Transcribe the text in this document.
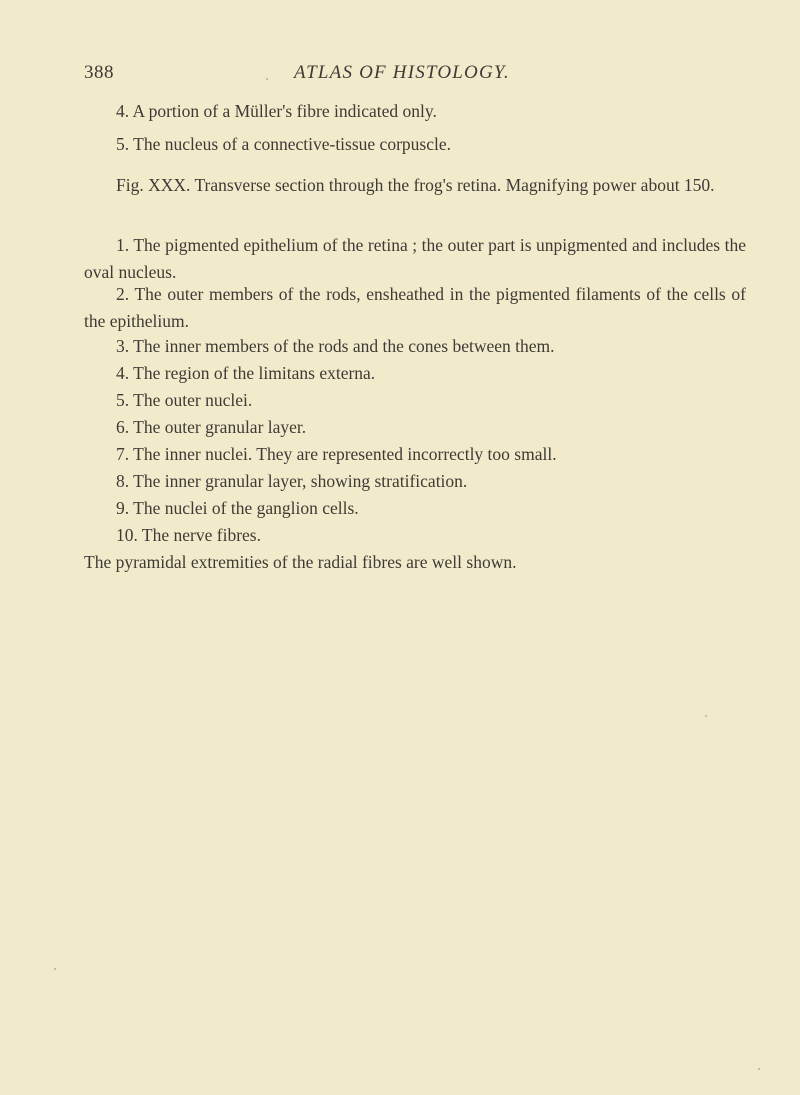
388	ATLAS OF HISTOLOGY.
4. A portion of a Müller's fibre indicated only.
5. The nucleus of a connective-tissue corpuscle.
Fig. XXX. Transverse section through the frog's retina. Magnifying power about 150.
1. The pigmented epithelium of the retina ; the outer part is unpigmented and includes the oval nucleus.
2. The outer members of the rods, ensheathed in the pigmented filaments of the cells of the epithelium.
3. The inner members of the rods and the cones between them.
4. The region of the limitans externa.
5. The outer nuclei.
6. The outer granular layer.
7. The inner nuclei. They are represented incorrectly too small.
8. The inner granular layer, showing stratification.
9. The nuclei of the ganglion cells.
10. The nerve fibres.
The pyramidal extremities of the radial fibres are well shown.
